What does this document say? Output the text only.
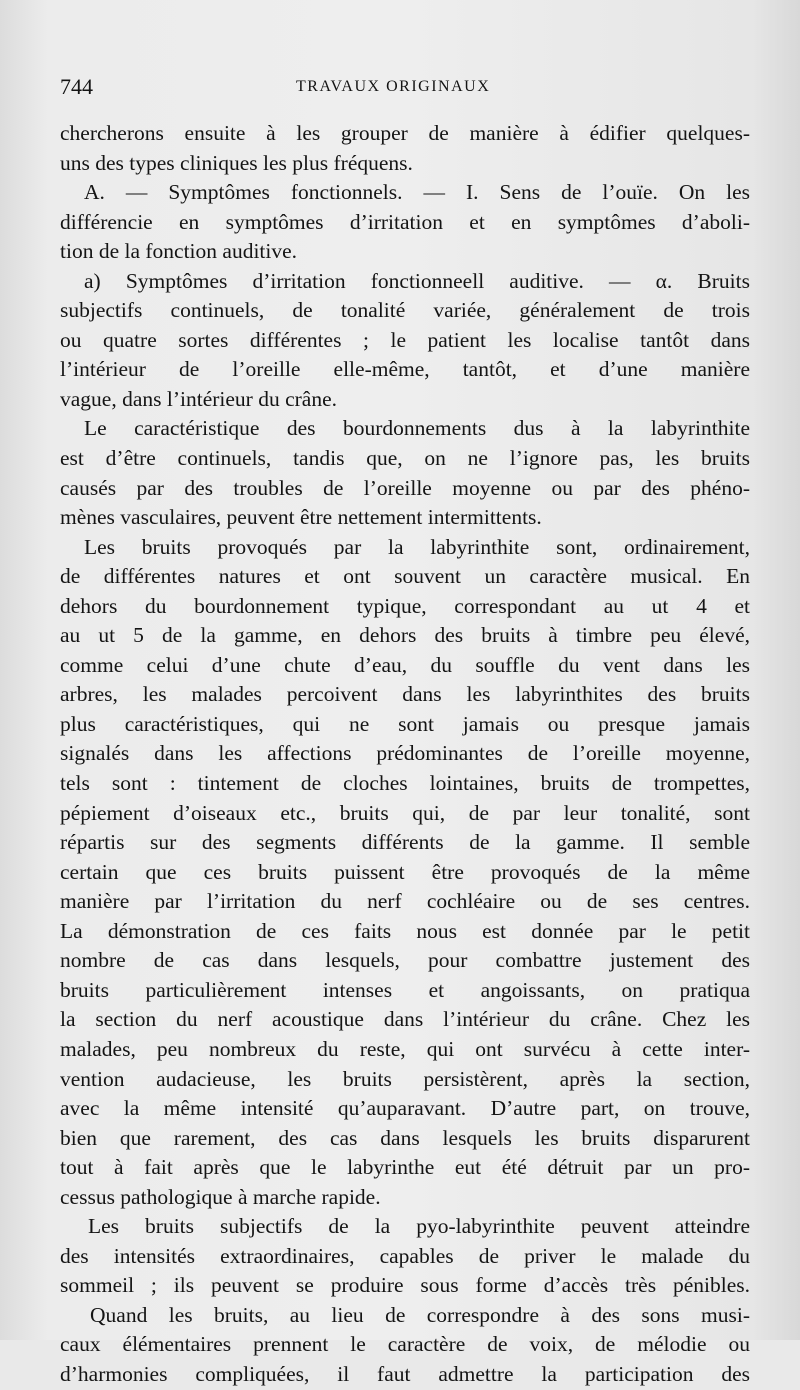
744	TRAVAUX ORIGINAUX
chercherons ensuite à les grouper de manière à édifier quelques-
uns des types cliniques les plus fréquens.
A. — Symptômes fonctionnels. — I. Sens de l’ouïe. On les
différencie en symptômes d’irritation et en symptômes d’aboli-
tion de la fonction auditive.
a) Symptômes d’irritation fonctionneell auditive. — α. Bruits
subjectifs continuels, de tonalité variée, généralement de trois
ou quatre sortes différentes ; le patient les localise tantôt dans
l’intérieur de l’oreille elle-même, tantôt, et d’une manière
vague, dans l’intérieur du crâne.
Le caractéristique des bourdonnements dus à la labyrinthite
est d’être continuels, tandis que, on ne l’ignore pas, les bruits
causés par des troubles de l’oreille moyenne ou par des phéno-
mènes vasculaires, peuvent être nettement intermittents.
Les bruits provoqués par la labyrinthite sont, ordinairement,
de différentes natures et ont souvent un caractère musical. En
dehors du bourdonnement typique, correspondant au ut 4 et
au ut 5 de la gamme, en dehors des bruits à timbre peu élevé,
comme celui d’une chute d’eau, du souffle du vent dans les
arbres, les malades percoivent dans les labyrinthites des bruits
plus caractéristiques, qui ne sont jamais ou presque jamais
signalés dans les affections prédominantes de l’oreille moyenne,
tels sont : tintement de cloches lointaines, bruits de trompettes,
pépiement d’oiseaux etc., bruits qui, de par leur tonalité, sont
répartis sur des segments différents de la gamme. Il semble
certain que ces bruits puissent être provoqués de la même
manière par l’irritation du nerf cochléaire ou de ses centres.
La démonstration de ces faits nous est donnée par le petit
nombre de cas dans lesquels, pour combattre justement des
bruits particulièrement intenses et angoissants, on pratiqua
la section du nerf acoustique dans l’intérieur du crâne. Chez les
malades, peu nombreux du reste, qui ont survécu à cette inter-
vention audacieuse, les bruits persistèrent, après la section,
avec la même intensité qu’auparavant. D’autre part, on trouve,
bien que rarement, des cas dans lesquels les bruits disparurent
tout à fait après que le labyrinthe eut été détruit par un pro-
cessus pathologique à marche rapide.
Les bruits subjectifs de la pyo-labyrinthite peuvent atteindre
des intensités extraordinaires, capables de priver le malade du
sommeil ; ils peuvent se produire sous forme d’accès très pénibles.
Quand les bruits, au lieu de correspondre à des sons musi-
caux élémentaires prennent le caractère de voix, de mélodie ou
d’harmonies compliquées, il faut admettre la participation des
